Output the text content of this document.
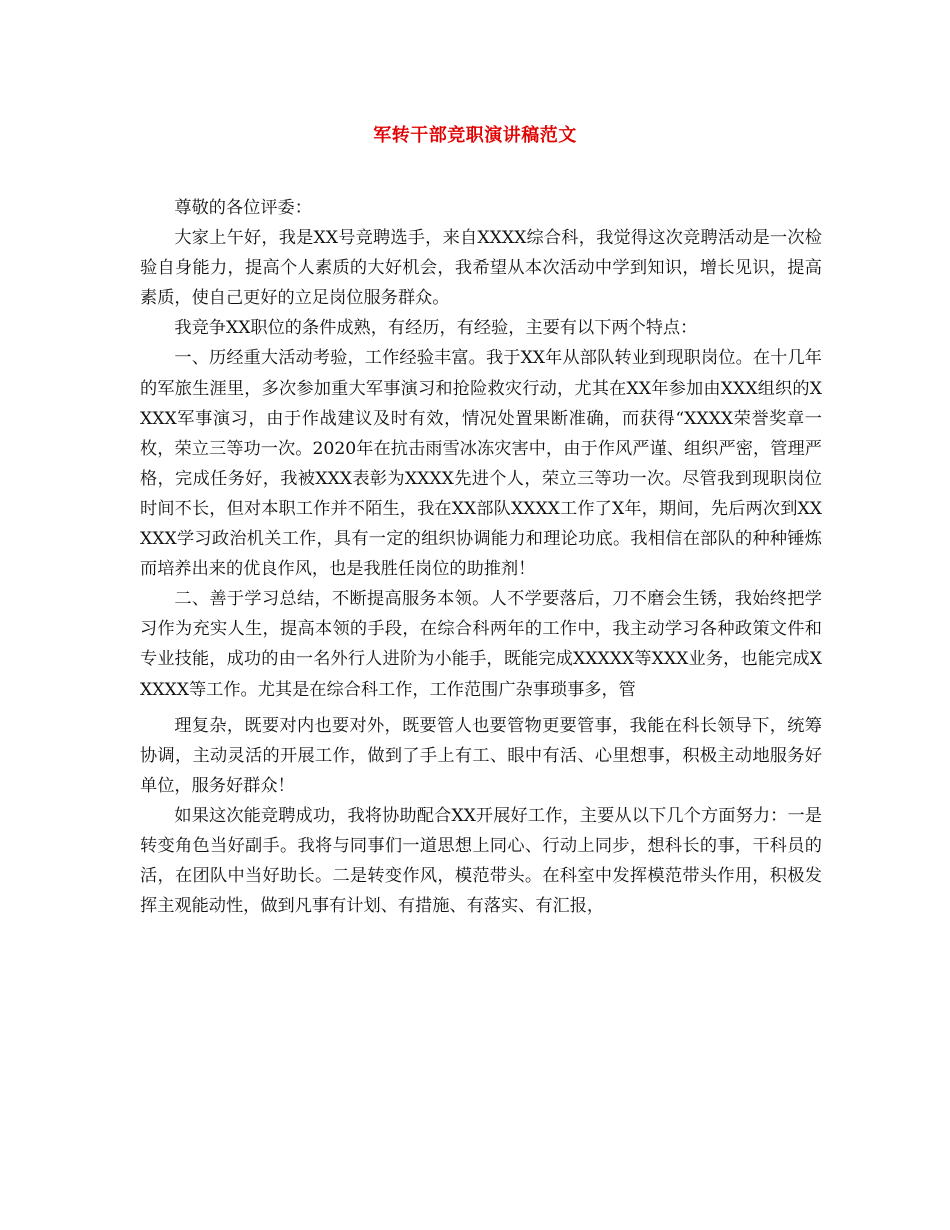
军转干部竞职演讲稿范文

尊敬的各位评委：

大家上午好，我是XX号竞聘选手，来自XXXX综合科，我觉得这次竞聘活动是一次检验自身能力，提高个人素质的大好机会，我希望从本次活动中学到知识，增长见识，提高素质，使自己更好的立足岗位服务群众。

我竞争XX职位的条件成熟，有经历，有经验，主要有以下两个特点：

一、历经重大活动考验，工作经验丰富。我于XX年从部队转业到现职岗位。在十几年的军旅生涯里，多次参加重大军事演习和抢险救灾行动，尤其在XX年参加由XXX组织的XXXX军事演习，由于作战建议及时有效，情况处置果断准确，而获得“XXXX荣誉奖章一枚，荣立三等功一次。2020年在抗击雨雪冰冻灾害中，由于作风严谨、组织严密，管理严格，完成任务好，我被XXX表彰为XXXX先进个人，荣立三等功一次。尽管我到现职岗位时间不长，但对本职工作并不陌生，我在XX部队XXXX工作了X年，期间，先后两次到XXXXX学习政治机关工作，具有一定的组织协调能力和理论功底。我相信在部队的种种锤炼而培养出来的优良作风，也是我胜任岗位的助推剂！

二、善于学习总结，不断提高服务本领。人不学要落后，刀不磨会生锈，我始终把学习作为充实人生，提高本领的手段，在综合科两年的工作中，我主动学习各种政策文件和专业技能，成功的由一名外行人进阶为小能手，既能完成XXXXX等XXX业务，也能完成XXXXX等工作。尤其是在综合科工作，工作范围广杂事琐事多，管

理复杂，既要对内也要对外，既要管人也要管物更要管事，我能在科长领导下，统筹协调，主动灵活的开展工作，做到了手上有工、眼中有活、心里想事，积极主动地服务好单位，服务好群众！

如果这次能竞聘成功，我将协助配合XX开展好工作，主要从以下几个方面努力：一是转变角色当好副手。我将与同事们一道思想上同心、行动上同步，想科长的事，干科员的活，在团队中当好助长。二是转变作风，模范带头。在科室中发挥模范带头作用，积极发挥主观能动性，做到凡事有计划、有措施、有落实、有汇报，
